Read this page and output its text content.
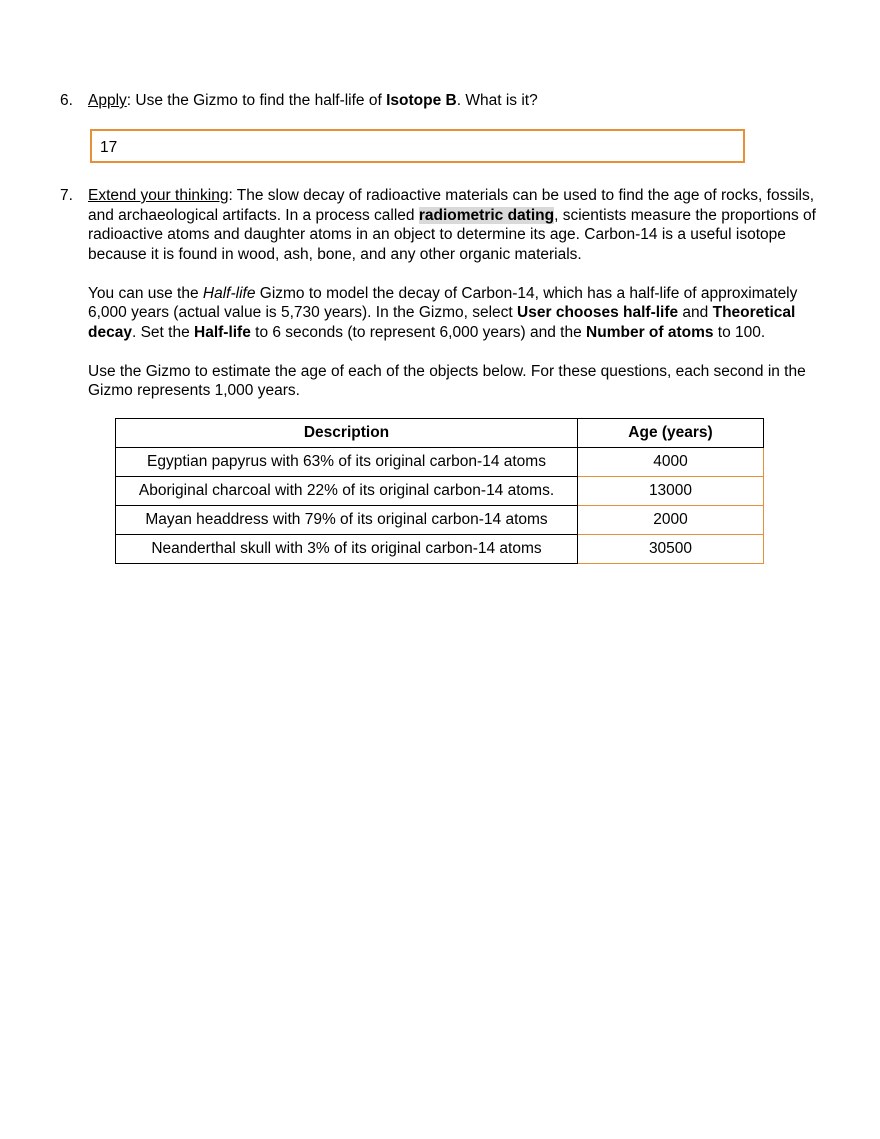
6. Apply: Use the Gizmo to find the half-life of Isotope B. What is it?
17
7. Extend your thinking: The slow decay of radioactive materials can be used to find the age of rocks, fossils, and archaeological artifacts. In a process called radiometric dating, scientists measure the proportions of radioactive atoms and daughter atoms in an object to determine its age. Carbon-14 is a useful isotope because it is found in wood, ash, bone, and any other organic materials.

You can use the Half-life Gizmo to model the decay of Carbon-14, which has a half-life of approximately 6,000 years (actual value is 5,730 years). In the Gizmo, select User chooses half-life and Theoretical decay. Set the Half-life to 6 seconds (to represent 6,000 years) and the Number of atoms to 100.

Use the Gizmo to estimate the age of each of the objects below. For these questions, each second in the Gizmo represents 1,000 years.

Description	Age (years)
Egyptian papyrus with 63% of its original carbon-14 atoms	4000
Aboriginal charcoal with 22% of its original carbon-14 atoms.	13000
Mayan headdress with 79% of its original carbon-14 atoms	2000
Neanderthal skull with 3% of its original carbon-14 atoms	30500
